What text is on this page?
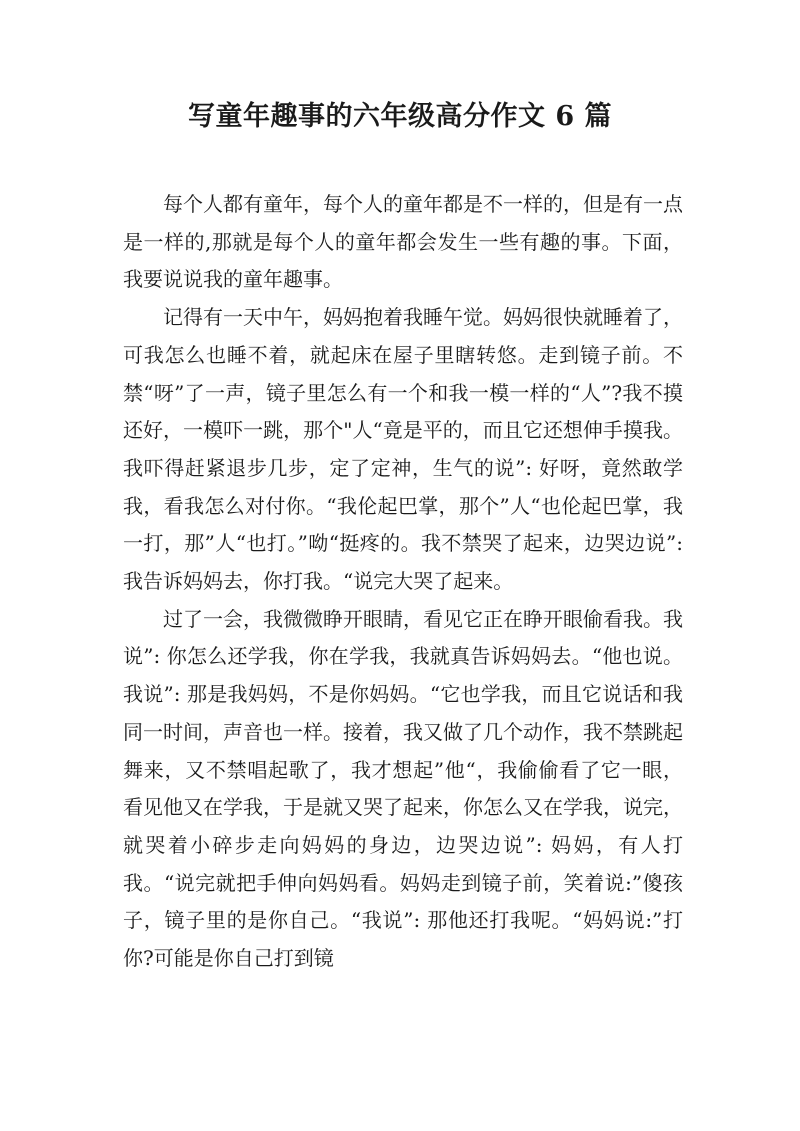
写童年趣事的六年级高分作文 6 篇

每个人都有童年，每个人的童年都是不一样的，但是有一点是一样的,那就是每个人的童年都会发生一些有趣的事。下面，我要说说我的童年趣事。

记得有一天中午，妈妈抱着我睡午觉。妈妈很快就睡着了，可我怎么也睡不着，就起床在屋子里瞎转悠。走到镜子前。不禁“呀”了一声，镜子里怎么有一个和我一模一样的“人”?我不摸还好，一模吓一跳，那个"人“竟是平的，而且它还想伸手摸我。我吓得赶紧退步几步，定了定神，生气的说”: 好呀，竟然敢学我，看我怎么对付你。“我伦起巴掌，那个”人“也伦起巴掌，我一打，那”人“也打。”呦“挺疼的。我不禁哭了起来，边哭边说”: 我告诉妈妈去，你打我。“说完大哭了起来。

过了一会，我微微睁开眼睛，看见它正在睁开眼偷看我。我说”: 你怎么还学我，你在学我，我就真告诉妈妈去。“他也说。我说”: 那是我妈妈，不是你妈妈。“它也学我，而且它说话和我同一时间，声音也一样。接着，我又做了几个动作，我不禁跳起舞来，又不禁唱起歌了，我才想起”他“，我偷偷看了它一眼，看见他又在学我，于是就又哭了起来，你怎么又在学我，说完，就哭着小碎步走向妈妈的身边，边哭边说”: 妈妈，有人打我。“说完就把手伸向妈妈看。妈妈走到镜子前，笑着说:”傻孩子，镜子里的是你自己。“我说”: 那他还打我呢。“妈妈说:”打你?可能是你自己打到镜
